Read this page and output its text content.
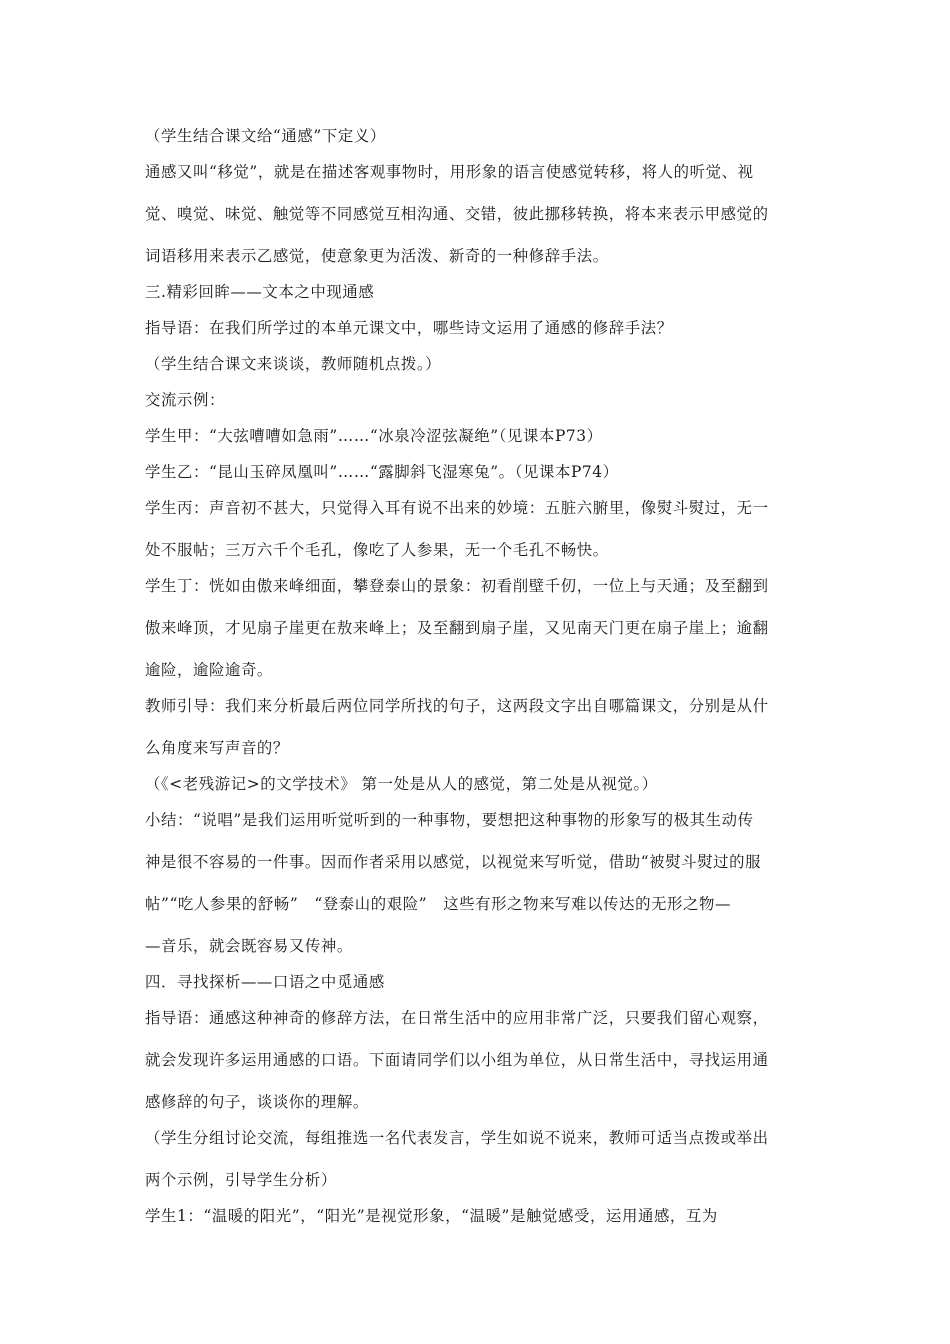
（学生结合课文给“通感”下定义）
通感又叫“移觉”，就是在描述客观事物时，用形象的语言使感觉转移，将人的听觉、视
觉、嗅觉、味觉、触觉等不同感觉互相沟通、交错，彼此挪移转换，将本来表示甲感觉的
词语移用来表示乙感觉，使意象更为活泼、新奇的一种修辞手法。
三.精彩回眸——文本之中现通感
指导语：在我们所学过的本单元课文中，哪些诗文运用了通感的修辞手法？
（学生结合课文来谈谈，教师随机点拨。）
交流示例：
学生甲：“大弦嘈嘈如急雨”……“冰泉冷涩弦凝绝”（见课本P73）
学生乙：“昆山玉碎凤凰叫”……“露脚斜飞湿寒兔”。（见课本P74）
学生丙：声音初不甚大，只觉得入耳有说不出来的妙境：五脏六腑里，像熨斗熨过，无一
处不服帖；三万六千个毛孔，像吃了人参果，无一个毛孔不畅快。
学生丁：恍如由傲来峰细面，攀登泰山的景象：初看削壁千仞，一位上与天通；及至翻到
傲来峰顶，才见扇子崖更在敖来峰上；及至翻到扇子崖，又见南天门更在扇子崖上；逾翻
逾险，逾险逾奇。
教师引导：我们来分析最后两位同学所找的句子，这两段文字出自哪篇课文，分别是从什
么角度来写声音的？
（《<老残游记>的文学技术》 第一处是从人的感觉，第二处是从视觉。）
小结：“说唱”是我们运用听觉听到的一种事物，要想把这种事物的形象写的极其生动传
神是很不容易的一件事。因而作者采用以感觉，以视觉来写听觉，借助“被熨斗熨过的服
帖”“吃人参果的舒畅”　“登泰山的艰险”　这些有形之物来写难以传达的无形之物—
—音乐，就会既容易又传神。
四．寻找探析——口语之中觅通感
指导语：通感这种神奇的修辞方法，在日常生活中的应用非常广泛，只要我们留心观察，
就会发现许多运用通感的口语。下面请同学们以小组为单位，从日常生活中，寻找运用通
感修辞的句子，谈谈你的理解。
（学生分组讨论交流，每组推选一名代表发言，学生如说不说来，教师可适当点拨或举出
两个示例，引导学生分析）
学生1：“温暖的阳光”，“阳光”是视觉形象，“温暖”是触觉感受，运用通感，互为
